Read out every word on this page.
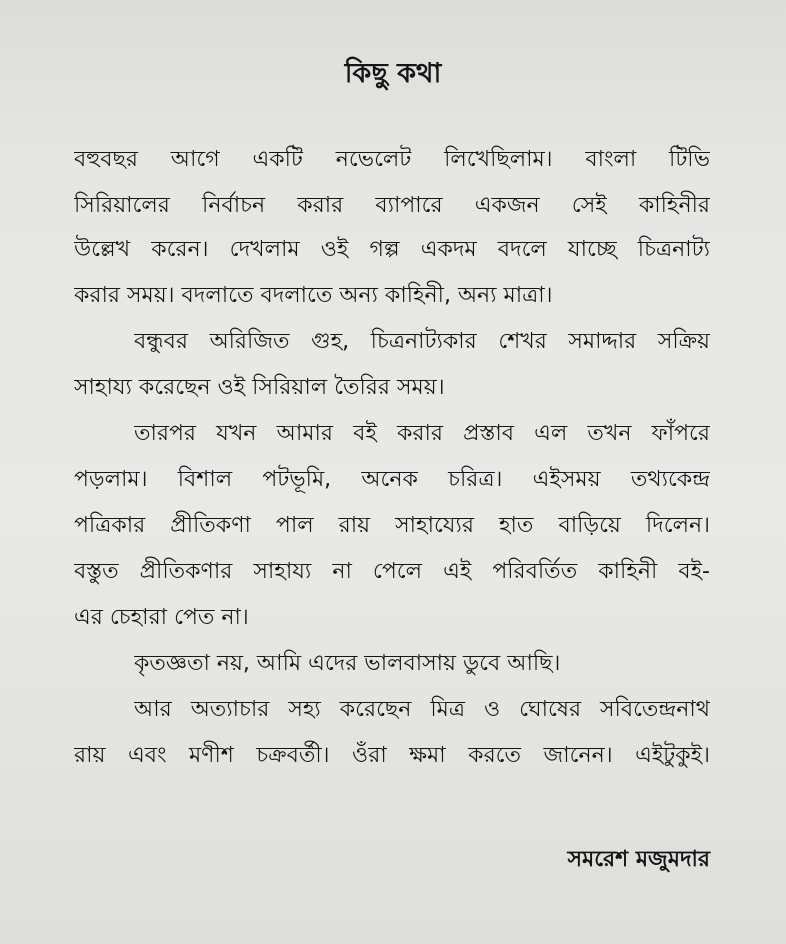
কিছু কথা
বহুবছর আগে একটি নভেলেট লিখেছিলাম। বাংলা টিভি
সিরিয়ালের নির্বাচন করার ব্যাপারে একজন সেই কাহিনীর
উল্লেখ করেন। দেখলাম ওই গল্প একদম বদলে যাচ্ছে চিত্রনাট্য
করার সময়। বদলাতে বদলাতে অন্য কাহিনী, অন্য মাত্রা।
বন্ধুবর অরিজিত গুহ, চিত্রনাট্যকার শেখর সমাদ্দার সক্রিয়
সাহায্য করেছেন ওই সিরিয়াল তৈরির সময়।
তারপর যখন আমার বই করার প্রস্তাব এল তখন ফাঁপরে
পড়লাম। বিশাল পটভূমি, অনেক চরিত্র। এইসময় তথ্যকেন্দ্র
পত্রিকার প্রীতিকণা পাল রায় সাহায্যের হাত বাড়িয়ে দিলেন।
বস্তুত প্রীতিকণার সাহায্য না পেলে এই পরিবর্তিত কাহিনী বই-
এর চেহারা পেত না।
কৃতজ্ঞতা নয়, আমি এদের ভালবাসায় ডুবে আছি।
আর অত্যাচার সহ্য করেছেন মিত্র ও ঘোষের সবিতেন্দ্রনাথ
রায় এবং মণীশ চক্রবর্তী। ওঁরা ক্ষমা করতে জানেন। এইটুকুই।
সমরেশ মজুমদার
